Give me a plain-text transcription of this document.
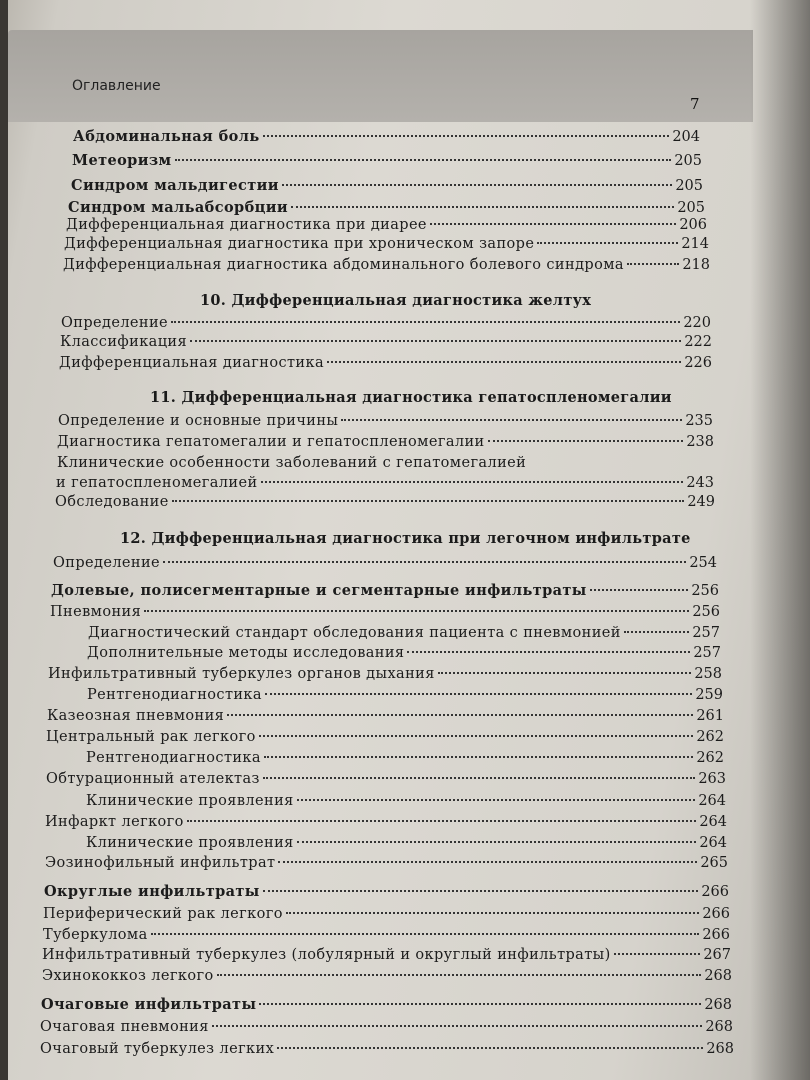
Оглавление
7
Абдоминальная боль	204
Метеоризм	205
Синдром мальдигестии	205
Синдром мальабсорбции	205
Дифференциальная диагностика при диарее	206
Дифференциальная диагностика при хроническом запоре	214
Дифференциальная диагностика абдоминального болевого синдрома	218
10. Дифференциальная диагностика желтух
Определение	220
Классификация	222
Дифференциальная диагностика	226
11. Дифференциальная диагностика гепатоспленомегалии
Определение и основные причины	235
Диагностика гепатомегалии и гепатоспленомегалии	238
Клинические особенности заболеваний с гепатомегалией
и гепатоспленомегалией	243
Обследование	249
12. Дифференциальная диагностика при легочном инфильтрате
Определение	254
Долевые, полисегментарные и сегментарные инфильтраты	256
Пневмония	256
Диагностический стандарт обследования пациента с пневмонией	257
Дополнительные методы исследования	257
Инфильтративный туберкулез органов дыхания	258
Рентгенодиагностика	259
Казеозная пневмония	261
Центральный рак легкого	262
Рентгенодиагностика	262
Обтурационный ателектаз	263
Клинические проявления	264
Инфаркт легкого	264
Клинические проявления	264
Эозинофильный инфильтрат	265
Округлые инфильтраты	266
Периферический рак легкого	266
Туберкулома	266
Инфильтративный туберкулез (лобулярный и округлый инфильтраты)	267
Эхинококкоз легкого	268
Очаговые инфильтраты	268
Очаговая пневмония	268
Очаговый туберкулез легких	268
